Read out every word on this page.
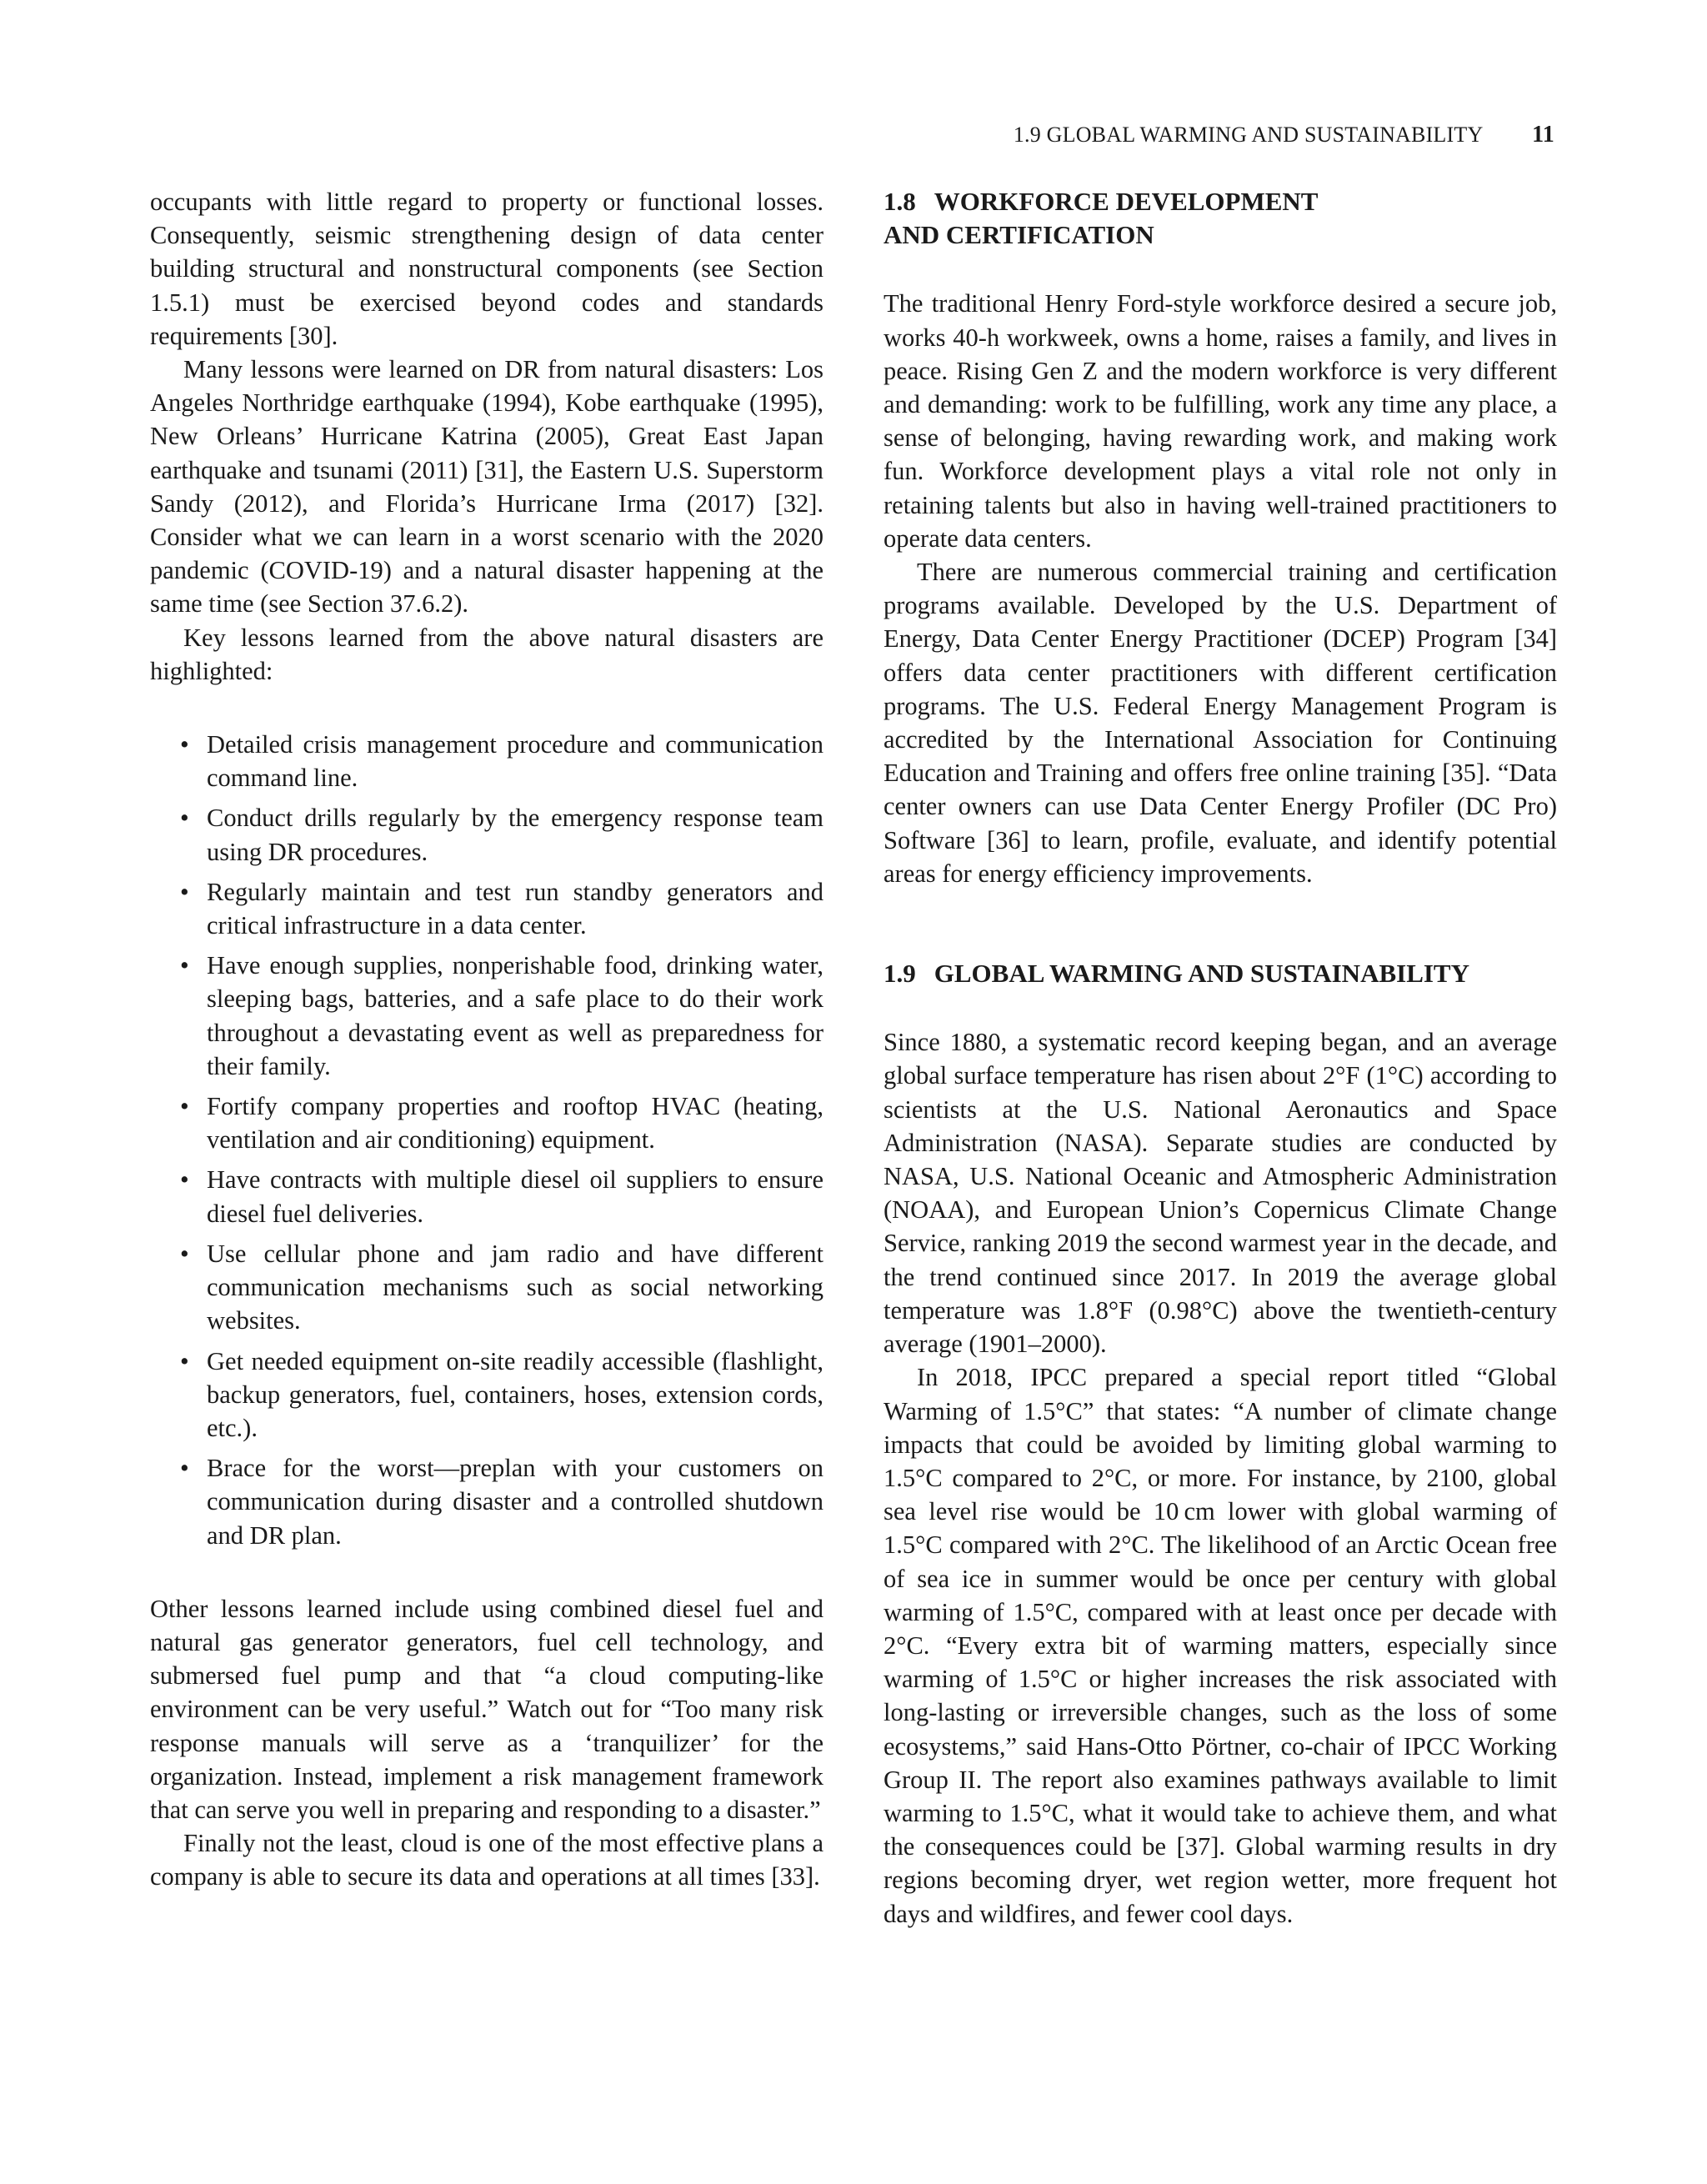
1.9 GLOBAL WARMING AND SUSTAINABILITY 11

occupants with little regard to property or functional losses. Consequently, seismic strengthening design of data center building structural and nonstructural components (see Section 1.5.1) must be exercised beyond codes and standards requirements [30].

Many lessons were learned on DR from natural disasters: Los Angeles Northridge earthquake (1994), Kobe earthquake (1995), New Orleans’ Hurricane Katrina (2005), Great East Japan earthquake and tsunami (2011) [31], the Eastern U.S. Superstorm Sandy (2012), and Florida’s Hurricane Irma (2017) [32]. Consider what we can learn in a worst scenario with the 2020 pandemic (COVID-19) and a natural disaster happening at the same time (see Section 37.6.2).

Key lessons learned from the above natural disasters are highlighted:

• Detailed crisis management procedure and communication command line.
• Conduct drills regularly by the emergency response team using DR procedures.
• Regularly maintain and test run standby generators and critical infrastructure in a data center.
• Have enough supplies, nonperishable food, drinking water, sleeping bags, batteries, and a safe place to do their work throughout a devastating event as well as preparedness for their family.
• Fortify company properties and rooftop HVAC (heating, ventilation and air conditioning) equipment.
• Have contracts with multiple diesel oil suppliers to ensure diesel fuel deliveries.
• Use cellular phone and jam radio and have different communication mechanisms such as social networking websites.
• Get needed equipment on-site readily accessible (flashlight, backup generators, fuel, containers, hoses, extension cords, etc.).
• Brace for the worst—preplan with your customers on communication during disaster and a controlled shutdown and DR plan.

Other lessons learned include using combined diesel fuel and natural gas generator generators, fuel cell technology, and submersed fuel pump and that “a cloud computing-like environment can be very useful.” Watch out for “Too many risk response manuals will serve as a ‘tranquilizer’ for the organization. Instead, implement a risk management framework that can serve you well in preparing and responding to a disaster.”

Finally not the least, cloud is one of the most effective plans a company is able to secure its data and operations at all times [33].

1.8 WORKFORCE DEVELOPMENT
AND CERTIFICATION

The traditional Henry Ford-style workforce desired a secure job, works 40-h workweek, owns a home, raises a family, and lives in peace. Rising Gen Z and the modern workforce is very different and demanding: work to be fulfilling, work any time any place, a sense of belonging, having rewarding work, and making work fun. Workforce development plays a vital role not only in retaining talents but also in having well-trained practitioners to operate data centers.

There are numerous commercial training and certification programs available. Developed by the U.S. Department of Energy, Data Center Energy Practitioner (DCEP) Program [34] offers data center practitioners with different certification programs. The U.S. Federal Energy Management Program is accredited by the International Association for Continuing Education and Training and offers free online training [35]. “Data center owners can use Data Center Energy Profiler (DC Pro) Software [36] to learn, profile, evaluate, and identify potential areas for energy efficiency improvements.

1.9 GLOBAL WARMING AND SUSTAINABILITY

Since 1880, a systematic record keeping began, and an average global surface temperature has risen about 2°F (1°C) according to scientists at the U.S. National Aeronautics and Space Administration (NASA). Separate studies are conducted by NASA, U.S. National Oceanic and Atmospheric Administration (NOAA), and European Union’s Copernicus Climate Change Service, ranking 2019 the second warmest year in the decade, and the trend continued since 2017. In 2019 the average global temperature was 1.8°F (0.98°C) above the twentieth-century average (1901–2000).

In 2018, IPCC prepared a special report titled “Global Warming of 1.5°C” that states: “A number of climate change impacts that could be avoided by limiting global warming to 1.5°C compared to 2°C, or more. For instance, by 2100, global sea level rise would be 10 cm lower with global warming of 1.5°C compared with 2°C. The likelihood of an Arctic Ocean free of sea ice in summer would be once per century with global warming of 1.5°C, compared with at least once per decade with 2°C. “Every extra bit of warming matters, especially since warming of 1.5°C or higher increases the risk associated with long-lasting or irreversible changes, such as the loss of some ecosystems,” said Hans-Otto Pörtner, co-chair of IPCC Working Group II. The report also examines pathways available to limit warming to 1.5°C, what it would take to achieve them, and what the consequences could be [37]. Global warming results in dry regions becoming dryer, wet region wetter, more frequent hot days and wildfires, and fewer cool days.
